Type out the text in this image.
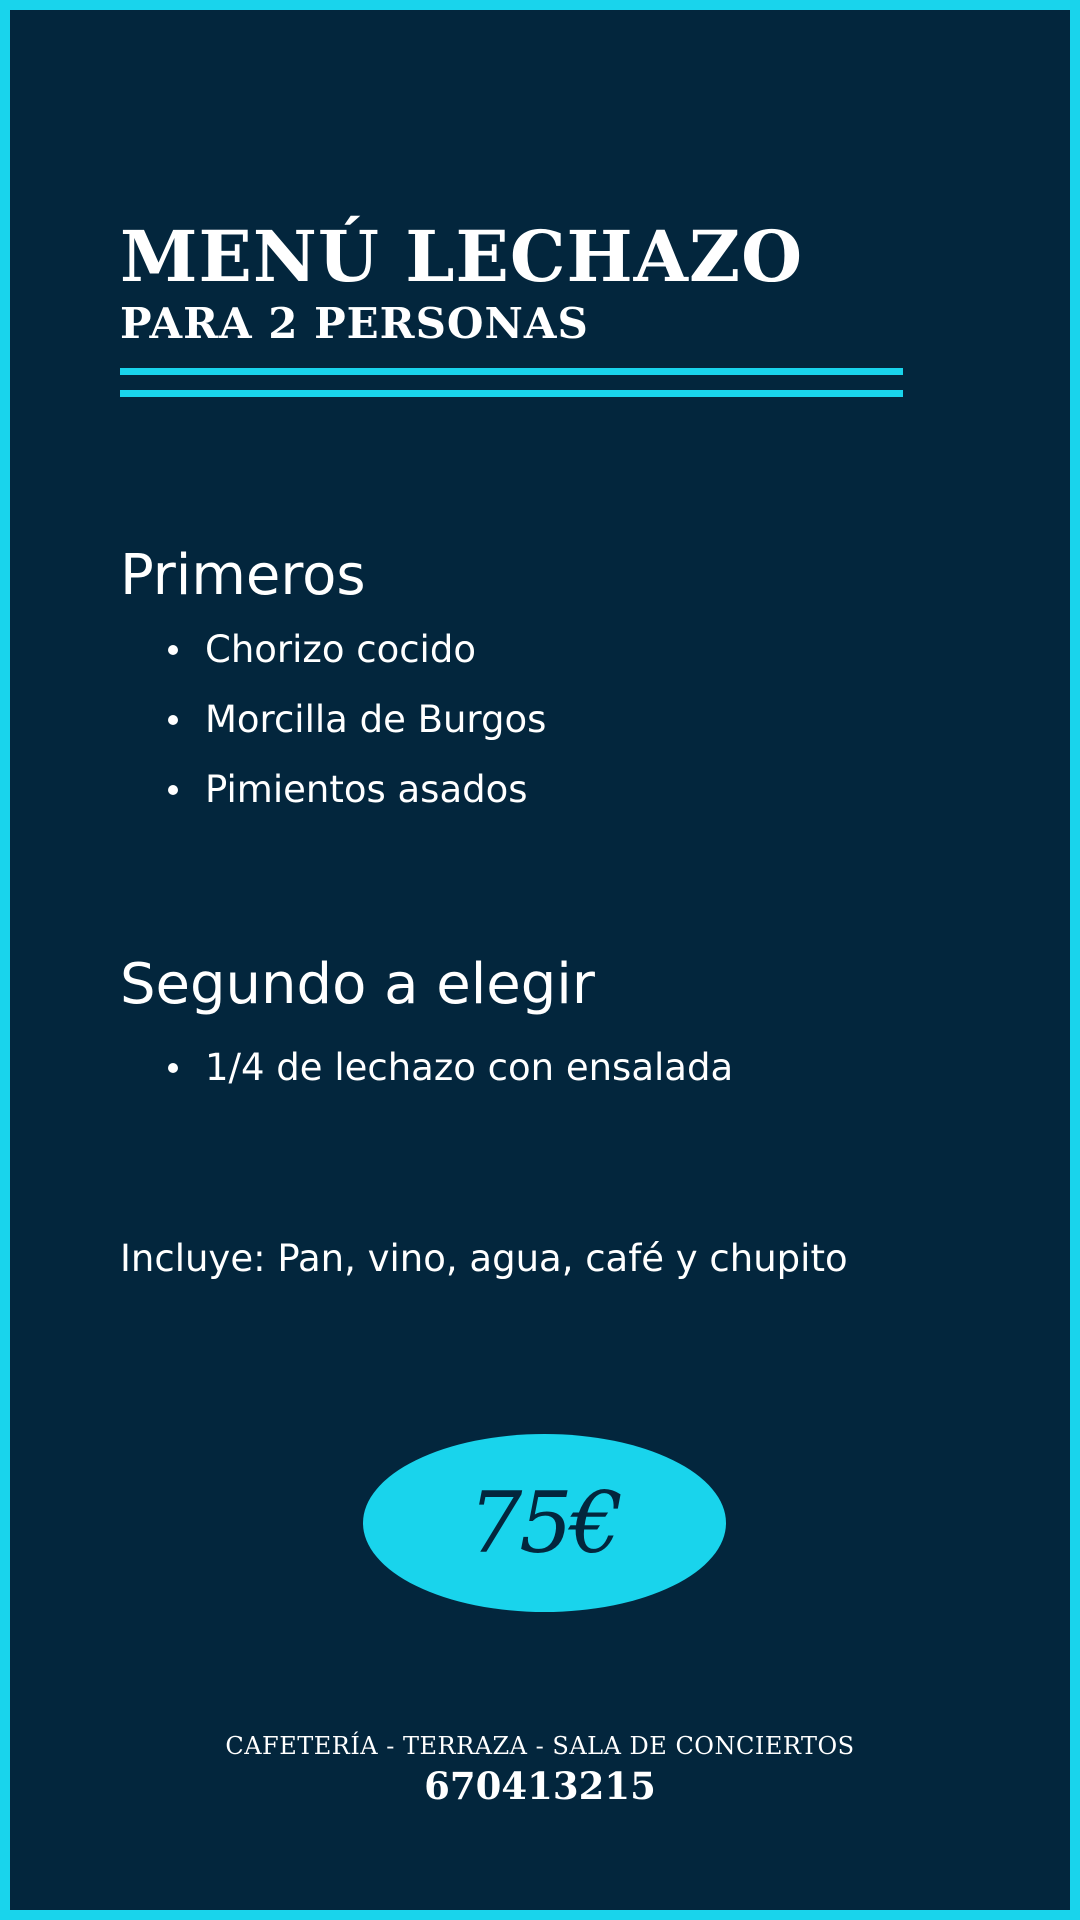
MENÚ LECHAZO
PARA 2 PERSONAS
Primeros
Chorizo cocido
Morcilla de Burgos
Pimientos asados
Segundo a elegir
1/4 de lechazo con ensalada

Incluye: Pan, vino, agua, café y chupito

75€

CAFETERÍA - TERRAZA - SALA DE CONCIERTOS

670413215
